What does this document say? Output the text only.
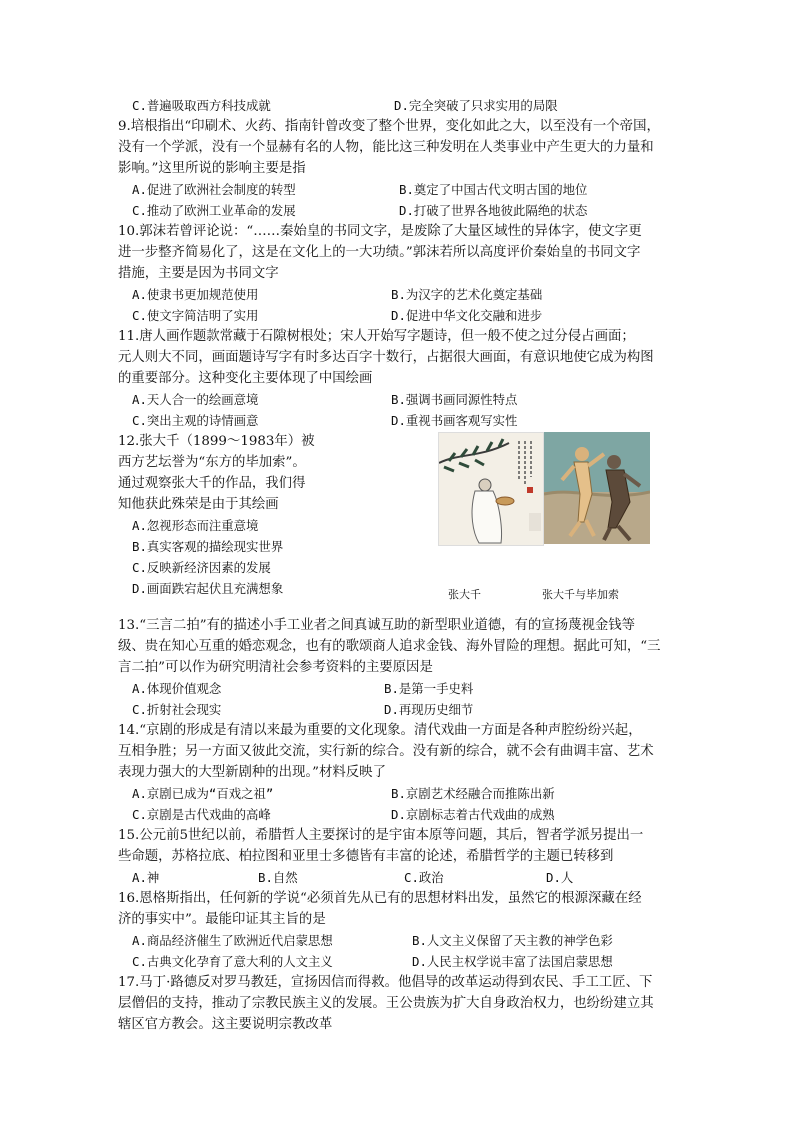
C.普遍吸取西方科技成就	D.完全突破了只求实用的局限
9.培根指出“印刷术、火药、指南针曾改变了整个世界，变化如此之大，以至没有一个帝国，
没有一个学派，没有一个显赫有名的人物，能比这三种发明在人类事业中产生更大的力量和
影响。”这里所说的影响主要是指
A.促进了欧洲社会制度的转型	B.奠定了中国古代文明古国的地位
C.推动了欧洲工业革命的发展	D.打破了世界各地彼此隔绝的状态
10.郭沫若曾评论说：“……秦始皇的书同文字，是废除了大量区域性的异体字，使文字更
进一步整齐简易化了，这是在文化上的一大功绩。”郭沫若所以高度评价秦始皇的书同文字
措施，主要是因为书同文字
A.使隶书更加规范使用	B.为汉字的艺术化奠定基础
C.使文字简洁明了实用	D.促进中华文化交融和进步
11.唐人画作题款常藏于石隙树根处；宋人开始写字题诗，但一般不使之过分侵占画面；
元人则大不同，画面题诗写字有时多达百字十数行，占据很大画面，有意识地使它成为构图
的重要部分。这种变化主要体现了中国绘画
A.天人合一的绘画意境	B.强调书画同源性特点
C.突出主观的诗情画意	D.重视书画客观写实性
12.张大千（1899～1983年）被
西方艺坛誉为“东方的毕加索”。
通过观察张大千的作品，我们得
知他获此殊荣是由于其绘画
A.忽视形态而注重意境
B.真实客观的描绘现实世界
C.反映新经济因素的发展
D.画面跌宕起伏且充满想象
13.“三言二拍”有的描述小手工业者之间真诚互助的新型职业道德，有的宣扬蔑视金钱等
级、贵在知心互重的婚恋观念，也有的歌颂商人追求金钱、海外冒险的理想。据此可知，“三
言二拍”可以作为研究明清社会参考资料的主要原因是
A.体现价值观念	B.是第一手史料
C.折射社会现实	D.再现历史细节
14.“京剧的形成是有清以来最为重要的文化现象。清代戏曲一方面是各种声腔纷纷兴起，
互相争胜；另一方面又彼此交流，实行新的综合。没有新的综合，就不会有曲调丰富、艺术
表现力强大的大型新剧种的出现。”材料反映了
A.京剧已成为“百戏之祖”	B.京剧艺术经融合而推陈出新
C.京剧是古代戏曲的高峰	D.京剧标志着古代戏曲的成熟
15.公元前5世纪以前，希腊哲人主要探讨的是宇宙本原等问题，其后，智者学派另提出一
些命题，苏格拉底、柏拉图和亚里士多德皆有丰富的论述，希腊哲学的主题已转移到
A.神	B.自然	C.政治	D.人
16.恩格斯指出，任何新的学说“必须首先从已有的思想材料出发，虽然它的根源深藏在经
济的事实中”。最能印证其主旨的是
A.商品经济催生了欧洲近代启蒙思想	B.人文主义保留了天主教的神学色彩
C.古典文化孕育了意大利的人文主义	D.人民主权学说丰富了法国启蒙思想
17.马丁·路德反对罗马教廷，宣扬因信而得救。他倡导的改革运动得到农民、手工工匠、下
层僧侣的支持，推动了宗教民族主义的发展。王公贵族为扩大自身政治权力，也纷纷建立其
辖区官方教会。这主要说明宗教改革
张大千	张大千与毕加索
